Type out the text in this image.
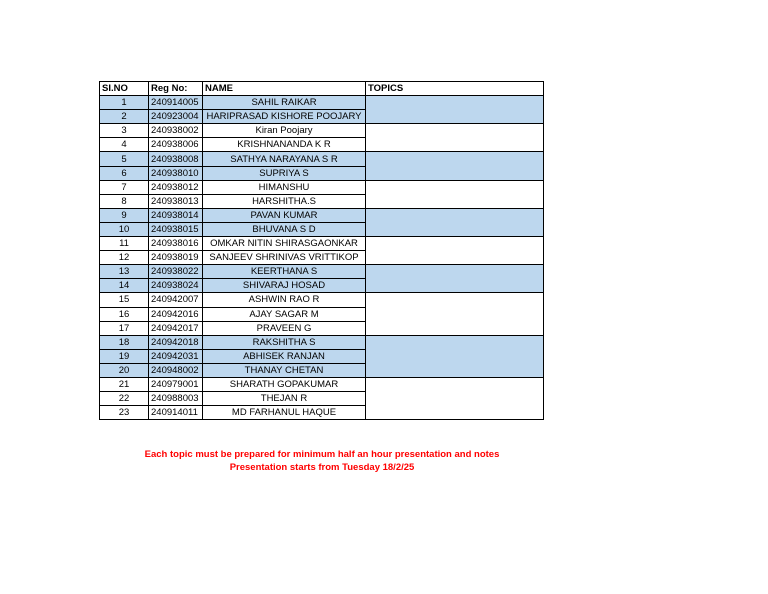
SI.NO	Reg No:	NAME	TOPICS
1	240914005	SAHIL RAIKAR	
2	240923004	HARIPRASAD KISHORE POOJARY	
3	240938002	Kiran Poojary	
4	240938006	KRISHNANANDA K R	
5	240938008	SATHYA NARAYANA S R	
6	240938010	SUPRIYA S	
7	240938012	HIMANSHU	
8	240938013	HARSHITHA.S	
9	240938014	PAVAN KUMAR	
10	240938015	BHUVANA S D	
11	240938016	OMKAR NITIN SHIRASGAONKAR	
12	240938019	SANJEEV SHRINIVAS VRITTIKOP	
13	240938022	KEERTHANA S	
14	240938024	SHIVARAJ HOSAD	
15	240942007	ASHWIN RAO R	
16	240942016	AJAY SAGAR M	
17	240942017	PRAVEEN G	
18	240942018	RAKSHITHA S	
19	240942031	ABHISEK RANJAN	
20	240948002	THANAY CHETAN	
21	240979001	SHARATH GOPAKUMAR	
22	240988003	THEJAN R	
23	240914011	MD FARHANUL HAQUE	
Each topic must be prepared for minimum half an hour presentation and notes
Presentation starts from Tuesday 18/2/25
